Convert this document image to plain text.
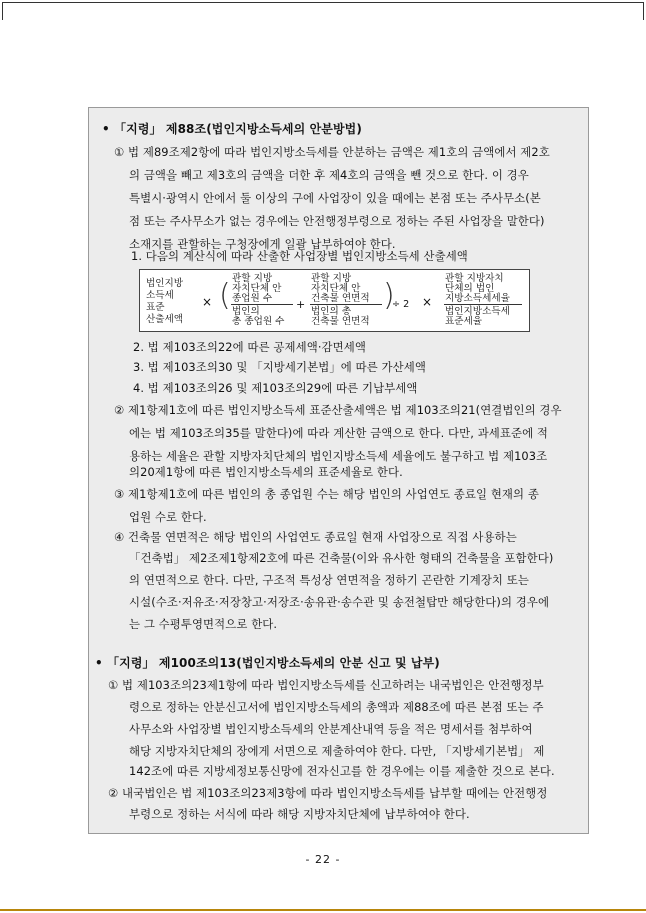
• 「지령」 제88조(법인지방소득세의 안분방법)
① 법 제89조제2항에 따라 법인지방소득세를 안분하는 금액은 제1호의 금액에서 제2호
의 금액을 빼고 제3호의 금액을 더한 후 제4호의 금액을 뺀 것으로 한다. 이 경우
특별시·광역시 안에서 둘 이상의 구에 사업장이 있을 때에는 본점 또는 주사무소(본
점 또는 주사무소가 없는 경우에는 안전행정부령으로 정하는 주된 사업장을 말한다)
소재지를 관할하는 구청장에게 일괄 납부하여야 한다.
1. 다음의 계산식에 따라 산출한 사업장별 법인지방소득세 산출세액
법인지방
소득세
표준
산출세액
× ( 관할 지방
자치단체 안
종업원 수
법인의
총 종업원 수
+
관할 지방
자치단체 안
건축물 연면적
법인의 총
건축물 연면적
)
÷ 2 ×
관할 지방자치
단체의 법인
지방소득세세율
법인지방소득세
표준세율
2. 법 제103조의22에 따른 공제세액·감면세액
3. 법 제103조의30 및 「지방세기본법」에 따른 가산세액
4. 법 제103조의26 및 제103조의29에 따른 기납부세액
② 제1항제1호에 따른 법인지방소득세 표준산출세액은 법 제103조의21(연결법인의 경우
에는 법 제103조의35를 말한다)에 따라 계산한 금액으로 한다. 다만, 과세표준에 적
용하는 세율은 관할 지방자치단체의 법인지방소득세 세율에도 불구하고 법 제103조
의20제1항에 따른 법인지방소득세의 표준세율로 한다.
③ 제1항제1호에 따른 법인의 총 종업원 수는 해당 법인의 사업연도 종료일 현재의 종
업원 수로 한다.
④ 건축물 연면적은 해당 법인의 사업연도 종료일 현재 사업장으로 직접 사용하는
「건축법」 제2조제1항제2호에 따른 건축물(이와 유사한 형태의 건축물을 포함한다)
의 연면적으로 한다. 다만, 구조적 특성상 연면적을 정하기 곤란한 기계장치 또는
시설(수조·저유조·저장창고·저장조·송유관·송수관 및 송전철탑만 해당한다)의 경우에
는 그 수평투영면적으로 한다.
• 「지령」 제100조의13(법인지방소득세의 안분 신고 및 납부)
① 법 제103조의23제1항에 따라 법인지방소득세를 신고하려는 내국법인은 안전행정부
령으로 정하는 안분신고서에 법인지방소득세의 총액과 제88조에 따른 본점 또는 주
사무소와 사업장별 법인지방소득세의 안분계산내역 등을 적은 명세서를 첨부하여
해당 지방자치단체의 장에게 서면으로 제출하여야 한다. 다만, 「지방세기본법」 제
142조에 따른 지방세정보통신망에 전자신고를 한 경우에는 이를 제출한 것으로 본다.
② 내국법인은 법 제103조의23제3항에 따라 법인지방소득세를 납부할 때에는 안전행정
부령으로 정하는 서식에 따라 해당 지방자치단체에 납부하여야 한다.
- 22 -
